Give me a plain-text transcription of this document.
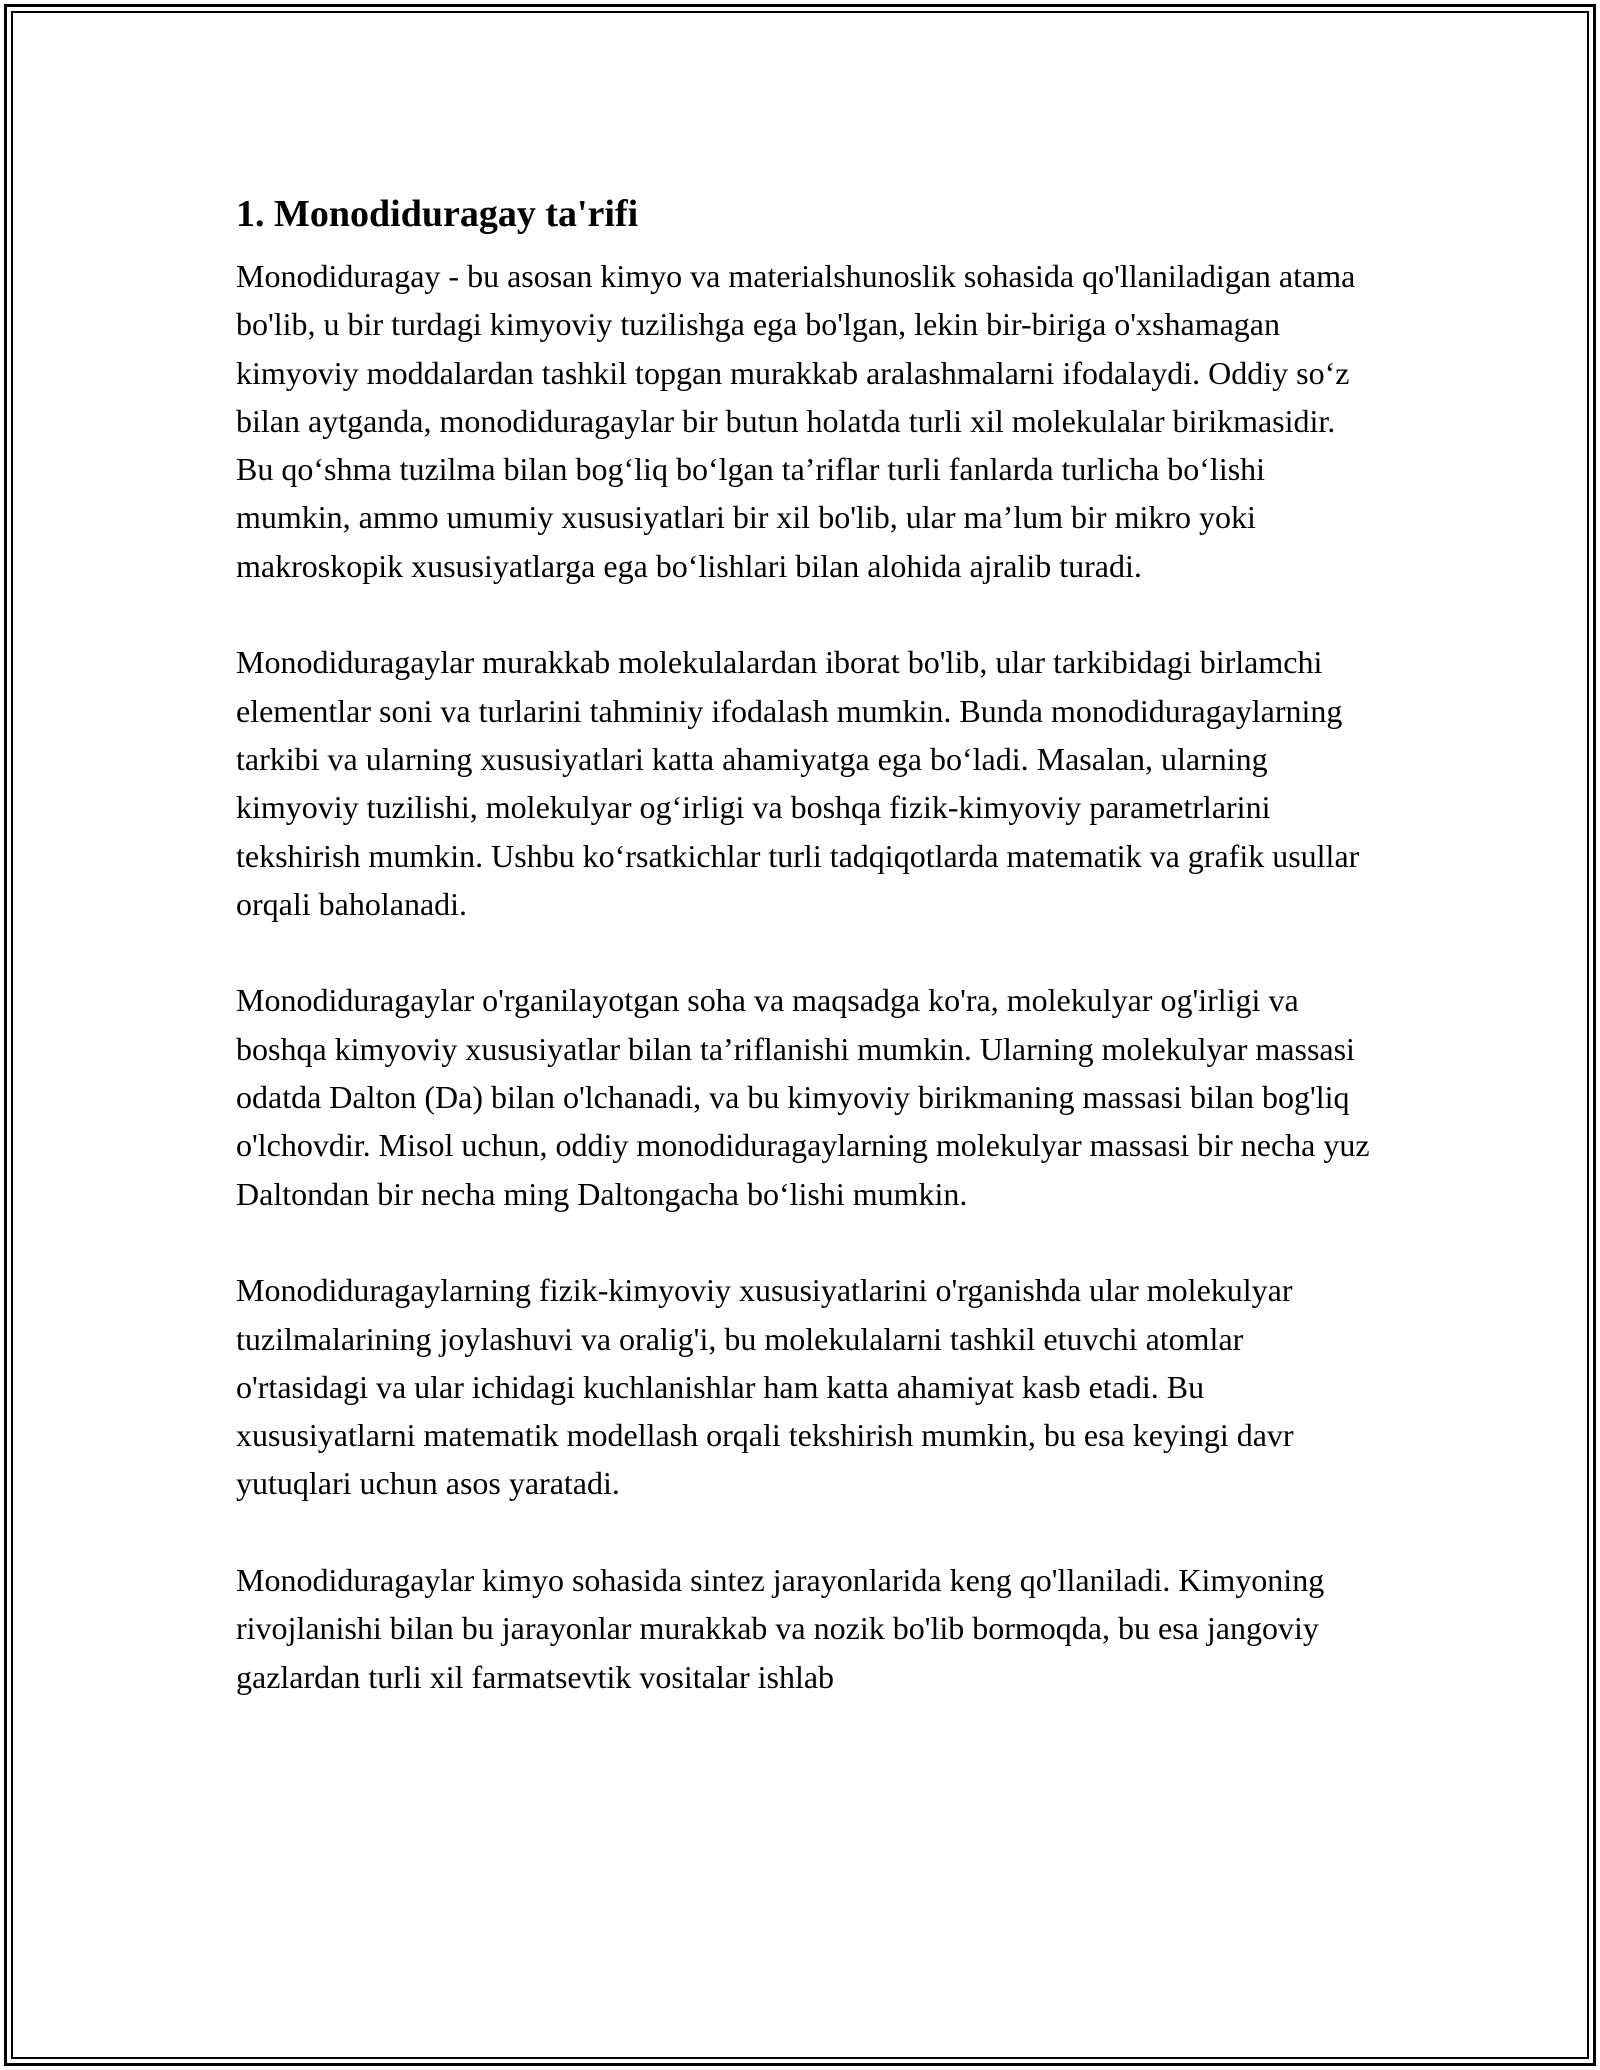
1. Monodiduragay ta'rifi

Monodiduragay - bu asosan kimyo va materialshunoslik sohasida qo'llaniladigan atama bo'lib, u bir turdagi kimyoviy tuzilishga ega bo'lgan, lekin bir-biriga o'xshamagan kimyoviy moddalardan tashkil topgan murakkab aralashmalarni ifodalaydi. Oddiy so‘z bilan aytganda, monodiduragaylar bir butun holatda turli xil molekulalar birikmasidir. Bu qo‘shma tuzilma bilan bog‘liq bo‘lgan ta’riflar turli fanlarda turlicha bo‘lishi mumkin, ammo umumiy xususiyatlari bir xil bo'lib, ular ma’lum bir mikro yoki makroskopik xususiyatlarga ega bo‘lishlari bilan alohida ajralib turadi.

Monodiduragaylar murakkab molekulalardan iborat bo'lib, ular tarkibidagi birlamchi elementlar soni va turlarini tahminiy ifodalash mumkin. Bunda monodiduragaylarning tarkibi va ularning xususiyatlari katta ahamiyatga ega bo‘ladi. Masalan, ularning kimyoviy tuzilishi, molekulyar og‘irligi va boshqa fizik-kimyoviy parametrlarini tekshirish mumkin. Ushbu ko‘rsatkichlar turli tadqiqotlarda matematik va grafik usullar orqali baholanadi.

Monodiduragaylar o'rganilayotgan soha va maqsadga ko'ra, molekulyar og'irligi va boshqa kimyoviy xususiyatlar bilan ta’riflanishi mumkin. Ularning molekulyar massasi odatda Dalton (Da) bilan o'lchanadi, va bu kimyoviy birikmaning massasi bilan bog'liq o'lchovdir. Misol uchun, oddiy monodiduragaylarning molekulyar massasi bir necha yuz Daltondan bir necha ming Daltongacha bo‘lishi mumkin.

Monodiduragaylarning fizik-kimyoviy xususiyatlarini o'rganishda ular molekulyar tuzilmalarining joylashuvi va oralig'i, bu molekulalarni tashkil etuvchi atomlar o'rtasidagi va ular ichidagi kuchlanishlar ham katta ahamiyat kasb etadi. Bu xususiyatlarni matematik modellash orqali tekshirish mumkin, bu esa keyingi davr yutuqlari uchun asos yaratadi.

Monodiduragaylar kimyo sohasida sintez jarayonlarida keng qo'llaniladi. Kimyoning rivojlanishi bilan bu jarayonlar murakkab va nozik bo'lib bormoqda, bu esa jangoviy gazlardan turli xil farmatsevtik vositalar ishlab
